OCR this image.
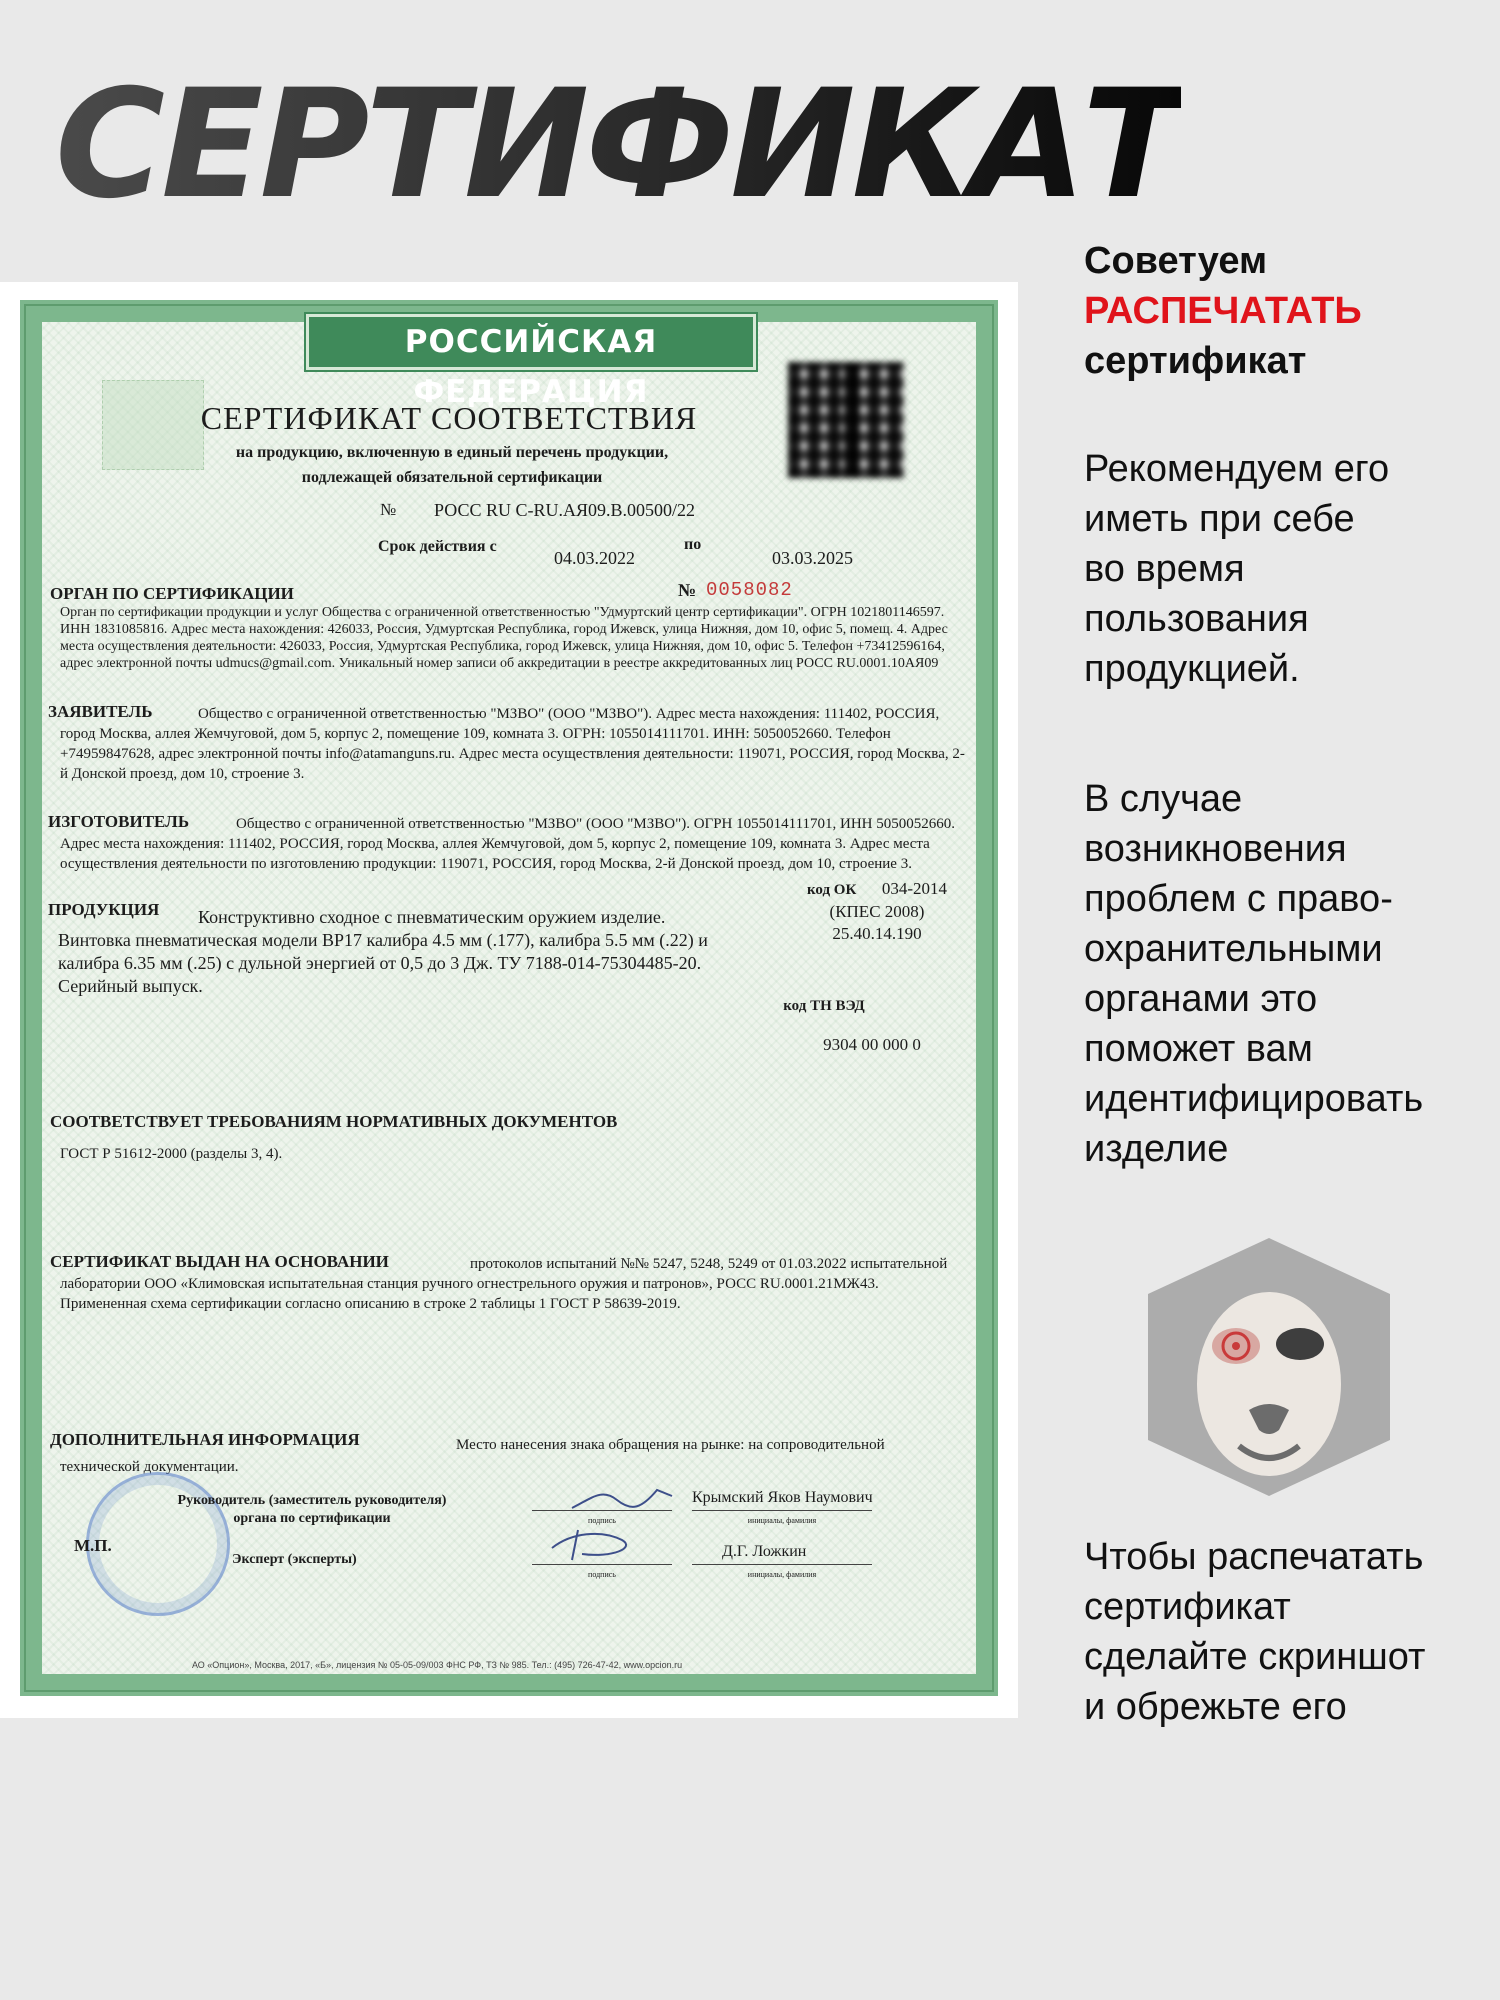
СЕРТИФИКАТ
РОССИЙСКАЯ ФЕДЕРАЦИЯ
СЕРТИФИКАТ СООТВЕТСТВИЯ
на продукцию, включенную в единый перечень продукции,
подлежащей обязательной сертификации
№ РОСС RU C-RU.АЯ09.В.00500/22
Срок действия с
04.03.2022
по
03.03.2025
ОРГАН ПО СЕРТИФИКАЦИИ	№ 0058082
Орган по сертификации продукции и услуг Общества с ограниченной ответственностью "Удмуртский центр сертификации". ОГРН 1021801146597. ИНН 1831085816. Адрес места нахождения: 426033, Россия, Удмуртская Республика, город Ижевск, улица Нижняя, дом 10, офис 5, помещ. 4. Адрес места осуществления деятельности: 426033, Россия, Удмуртская Республика, город Ижевск, улица Нижняя, дом 10, офис 5. Телефон +73412596164, адрес электронной почты udmucs@gmail.com. Уникальный номер записи об аккредитации в реестре аккредитованных лиц РОСС RU.0001.10АЯ09
ЗАЯВИТЕЛЬ	Общество с ограниченной ответственностью "МЗВО" (ООО "МЗВО"). Адрес места нахождения: 111402, РОССИЯ, город Москва, аллея Жемчуговой, дом 5, корпус 2, помещение 109, комната 3. ОГРН: 1055014111701. ИНН: 5050052660. Телефон +74959847628, адрес электронной почты info@atamanguns.ru. Адрес места осуществления деятельности: 119071, РОССИЯ, город Москва, 2-й Донской проезд, дом 10, строение 3.
ИЗГОТОВИТЕЛЬ	Общество с ограниченной ответственностью "МЗВО" (ООО "МЗВО"). ОГРН 1055014111701, ИНН 5050052660. Адрес места нахождения: 111402, РОССИЯ, город Москва, аллея Жемчуговой, дом 5, корпус 2, помещение 109, комната 3. Адрес места осуществления деятельности по изготовлению продукции: 119071, РОССИЯ, город Москва, 2-й Донской проезд, дом 10, строение 3.
ПРОДУКЦИЯ	Конструктивно сходное с пневматическим оружием изделие. Винтовка пневматическая модели ВР17 калибра 4.5 мм (.177), калибра 5.5 мм (.22) и калибра 6.35 мм (.25) с дульной энергией от 0,5 до 3 Дж. ТУ 7188-014-75304485-20. Серийный выпуск.
код ОК 034-2014
(КПЕС 2008)
25.40.14.190
код ТН ВЭД
9304 00 000 0
СООТВЕТСТВУЕТ ТРЕБОВАНИЯМ НОРМАТИВНЫХ ДОКУМЕНТОВ
ГОСТ Р 51612-2000 (разделы 3, 4).
СЕРТИФИКАТ ВЫДАН НА ОСНОВАНИИ	протоколов испытаний №№ 5247, 5248, 5249 от 01.03.2022 испытательной лаборатории ООО «Климовская испытательная станция ручного огнестрельного оружия и патронов», РОСС RU.0001.21МЖ43. Примененная схема сертификации согласно описанию в строке 2 таблицы 1 ГОСТ Р 58639-2019.
ДОПОЛНИТЕЛЬНАЯ ИНФОРМАЦИЯ	Место нанесения знака обращения на рынке: на сопроводительной технической документации.
Руководитель (заместитель руководителя)
органа по сертификации	подпись
Крымский Яков Наумович
инициалы, фамилия
М.П.
Эксперт (эксперты)
подпись
Д.Г. Ложкин
инициалы, фамилия
АО «Опцион», Москва, 2017, «Б», лицензия № 05-05-09/003 ФНС РФ, ТЗ № 985. Тел.: (495) 726-47-42, www.opcion.ru
Советуем
РАСПЕЧАТАТЬ
сертификат
Рекомендуем его
иметь при себе
во время
пользования
продукцией.
В случае
возникновения
проблем с право-
охранительными
органами это
поможет вам
идентифицировать
изделие
Чтобы распечатать
сертификат
сделайте скриншот
и обрежьте его
